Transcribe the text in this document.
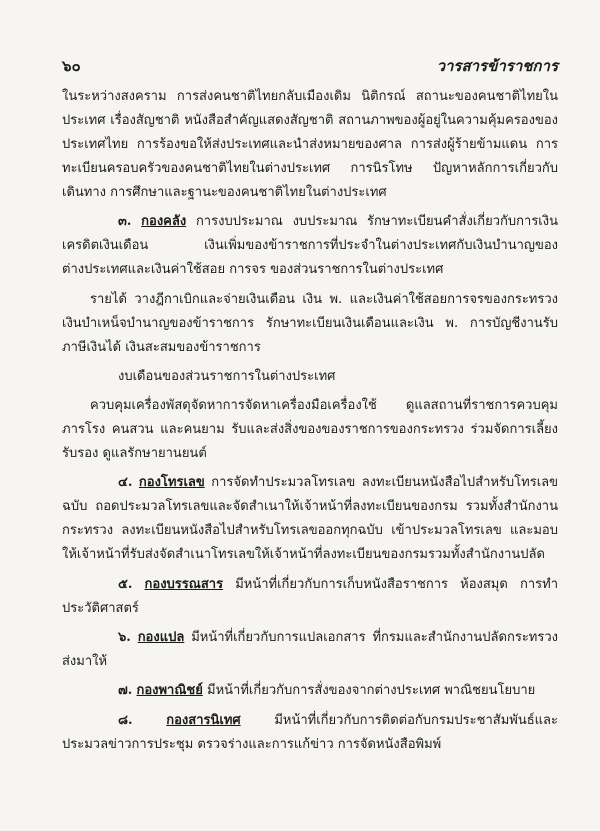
๖๐	วารสารข้าราชการ
ในระหว่างสงคราม การส่งคนชาติไทยกลับเมืองเดิม นิติกรณ์ สถานะของคนชาติไทยใน
ประเทศ เรื่องสัญชาติ หนังสือสำคัญแสดงสัญชาติ สถานภาพของผู้อยู่ในความคุ้มครองของ
ประเทศไทย การร้องขอให้ส่งประเทศและนำส่งหมายของศาล การส่งผู้ร้ายข้ามแดน การ
ทะเบียนครอบครัวของคนชาติไทยในต่างประเทศ การนิรโทษ ปัญหาหลักการเกี่ยวกับ
เดินทาง การศึกษาและฐานะของคนชาติไทยในต่างประเทศ
๓. กองคลัง การงบประมาณ งบประมาณ รักษาทะเบียนคำสั่งเกี่ยวกับการเงิน
เครดิตเงินเดือน เงินเพิ่มของข้าราชการที่ประจำในต่างประเทศกับเงินบำนาญของ
ต่างประเทศและเงินค่าใช้สอย การจร ของส่วนราชการในต่างประเทศ
รายได้ วางฎีกาเบิกและจ่ายเงินเดือน เงิน พ. และเงินค่าใช้สอยการจรของกระทรวง
เงินบำเหน็จบำนาญของข้าราชการ รักษาทะเบียนเงินเดือนและเงิน พ. การบัญชีงานรับ
ภาษีเงินได้ เงินสะสมของข้าราชการ
งบเดือนของส่วนราชการในต่างประเทศ
ควบคุมเครื่องพัสดุจัดหาการจัดหาเครื่องมือเครื่องใช้ ดูแลสถานที่ราชการควบคุม
ภารโรง คนสวน และคนยาม รับและส่งสิ่งของของราชการของกระทรวง ร่วมจัดการเลี้ยง
รับรอง ดูแลรักษายานยนต์
๔. กองโทรเลข การจัดทำประมวลโทรเลข ลงทะเบียนหนังสือไปสำหรับโทรเลข
ฉบับ ถอดประมวลโทรเลขและจัดสำเนาให้เจ้าหน้าที่ลงทะเบียนของกรม รวมทั้งสำนักงาน
กระทรวง ลงทะเบียนหนังสือไปสำหรับโทรเลขออกทุกฉบับ เข้าประมวลโทรเลข และมอบ
ให้เจ้าหน้าที่รับส่งจัดสำเนาโทรเลขให้เจ้าหน้าที่ลงทะเบียนของกรมรวมทั้งสำนักงานปลัด
๕. กองบรรณสาร มีหน้าที่เกี่ยวกับการเก็บหนังสือราชการ ห้องสมุด การทำ
ประวัติศาสตร์
๖. กองแปล มีหน้าที่เกี่ยวกับการแปลเอกสาร ที่กรมและสำนักงานปลัดกระทรวง
ส่งมาให้
๗. กองพาณิชย์ มีหน้าที่เกี่ยวกับการสั่งของจากต่างประเทศ พาณิชยนโยบาย
๘.	กองสารนิเทศ	มีหน้าที่เกี่ยวกับการติดต่อกับกรมประชาสัมพันธ์และ
ประมวลข่าวการประชุม ตรวจร่างและการแก้ข่าว การจัดหนังสือพิมพ์
